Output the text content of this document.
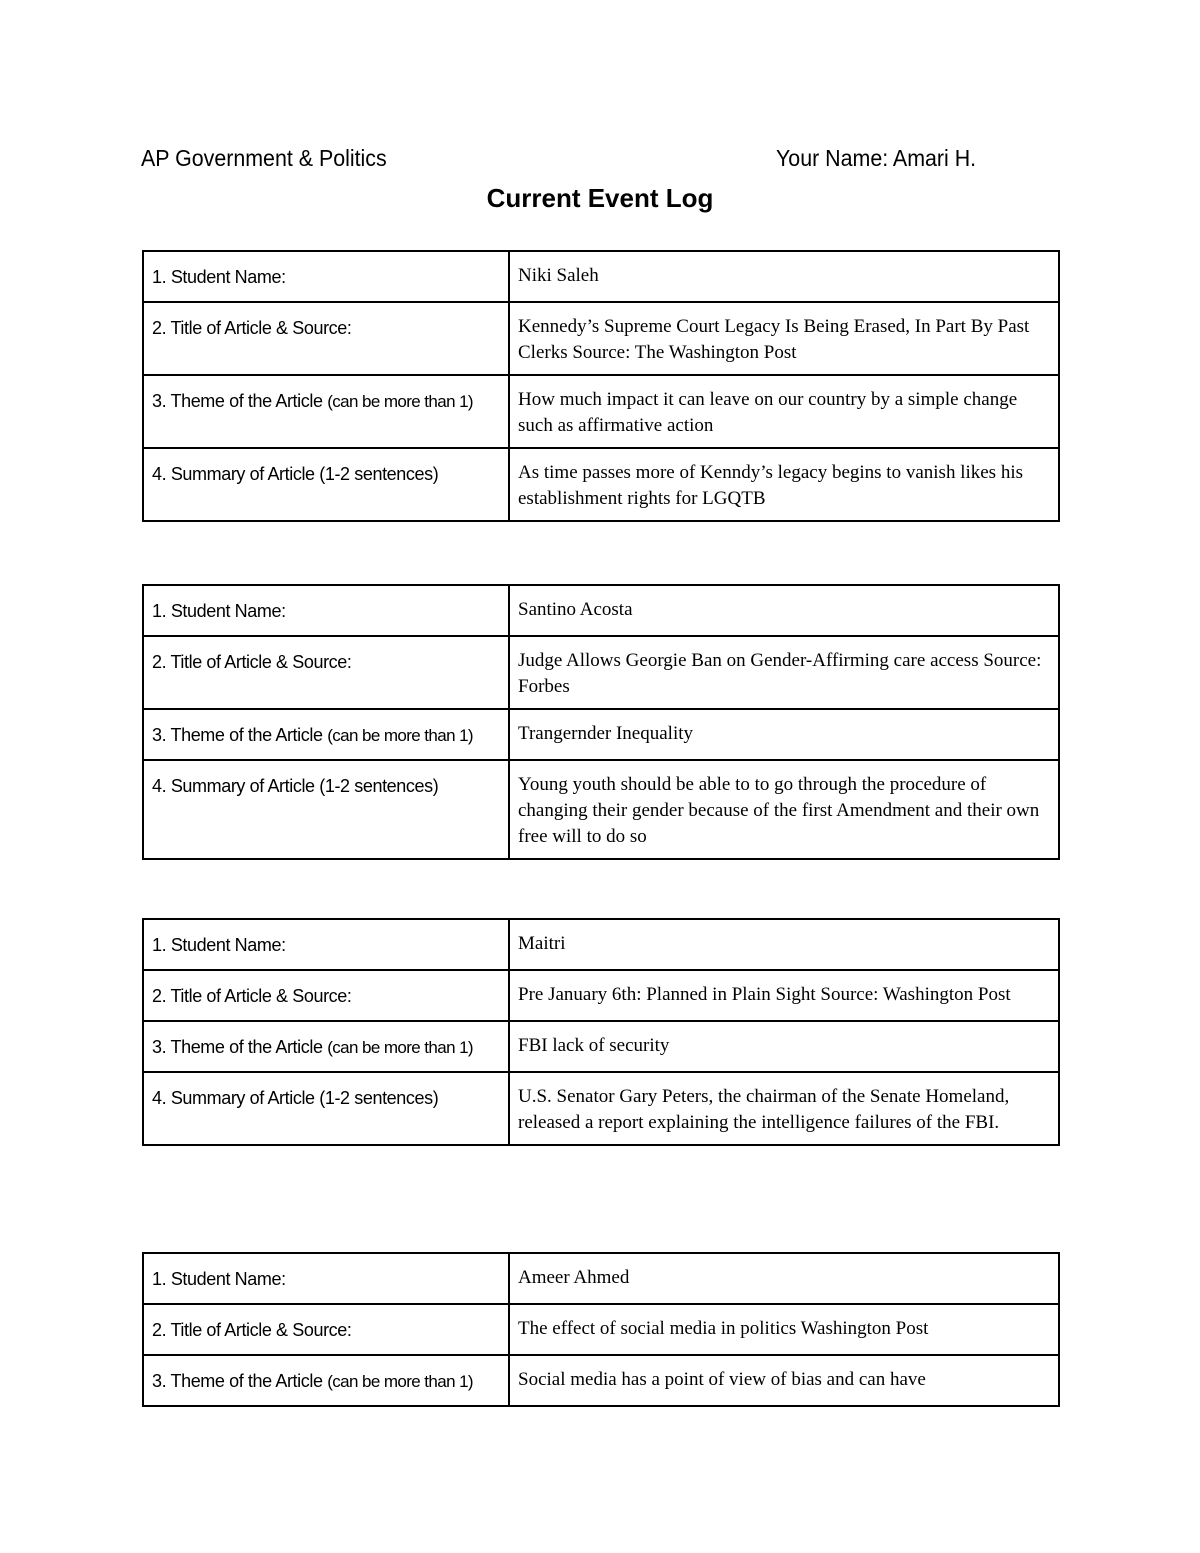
AP Government & Politics	Your Name: Amari H.
Current Event Log
1. Student Name:	Niki Saleh
2. Title of Article & Source:	Kennedy’s Supreme Court Legacy Is Being Erased, In Part By Past Clerks Source: The Washington Post
3. Theme of the Article (can be more than 1)	How much impact it can leave on our country by a simple change such as affirmative action
4. Summary of Article (1-2 sentences)	As time passes more of Kenndy’s legacy begins to vanish likes his establishment rights for LGQTB
1. Student Name:	Santino Acosta
2. Title of Article & Source:	Judge Allows Georgie Ban on Gender-Affirming care access Source: Forbes
3. Theme of the Article (can be more than 1)	Trangernder Inequality
4. Summary of Article (1-2 sentences)	Young youth should be able to to go through the procedure of changing their gender because of the first Amendment and their own free will to do so
1. Student Name:	Maitri
2. Title of Article & Source:	Pre January 6th: Planned in Plain Sight Source: Washington Post
3. Theme of the Article (can be more than 1)	FBI lack of security
4. Summary of Article (1-2 sentences)	U.S. Senator Gary Peters, the chairman of the Senate Homeland, released a report explaining the intelligence failures of the FBI.
1. Student Name:	Ameer Ahmed
2. Title of Article & Source:	The effect of social media in politics Washington Post
3. Theme of the Article (can be more than 1)	Social media has a point of view of bias and can have
